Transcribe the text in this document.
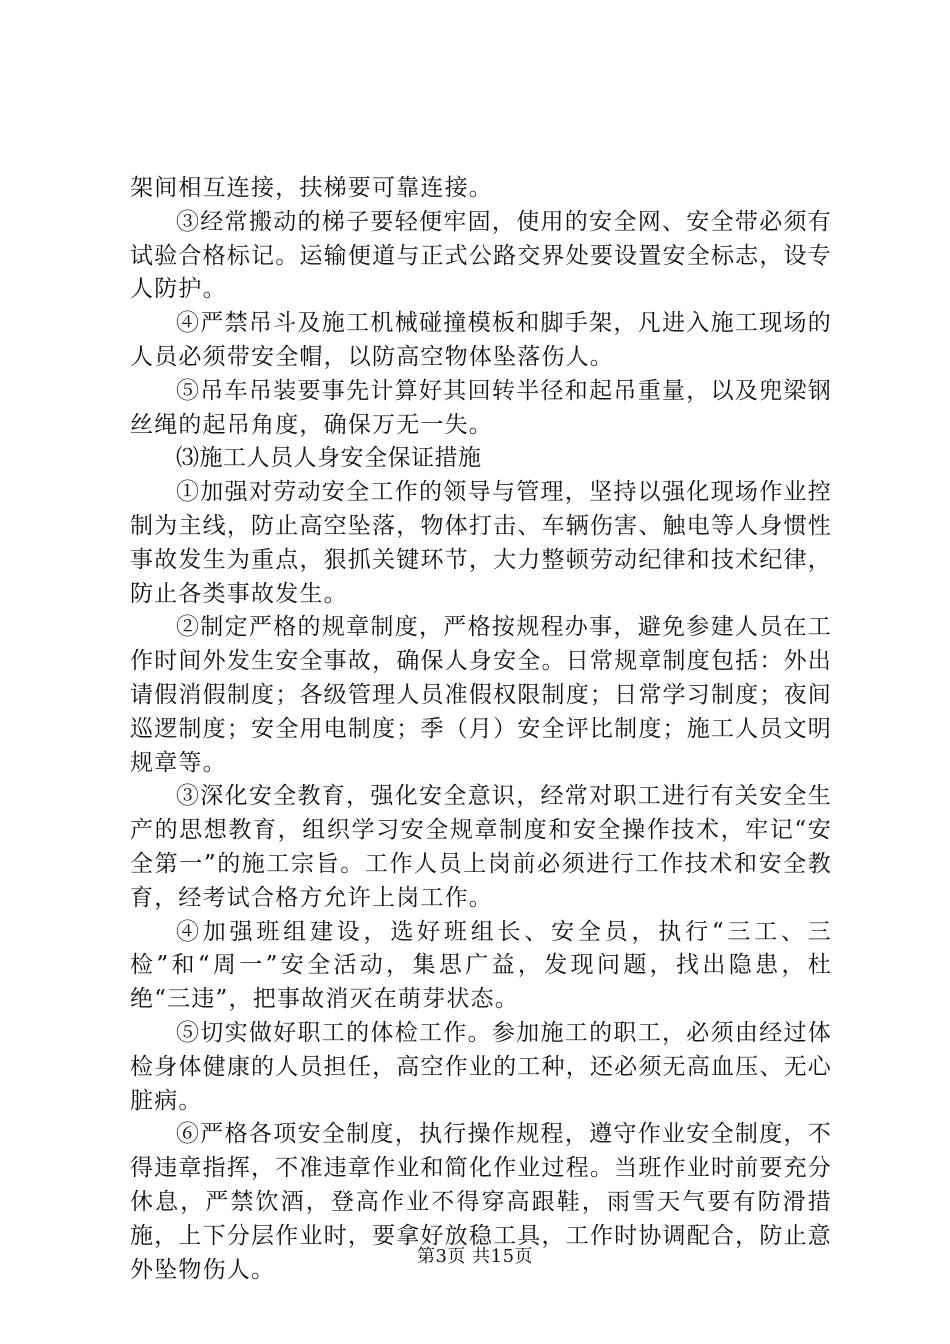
架间相互连接，扶梯要可靠连接。

③经常搬动的梯子要轻便牢固，使用的安全网、安全带必须有试验合格标记。运输便道与正式公路交界处要设置安全标志，设专人防护。

④严禁吊斗及施工机械碰撞模板和脚手架，凡进入施工现场的人员必须带安全帽，以防高空物体坠落伤人。

⑤吊车吊装要事先计算好其回转半径和起吊重量，以及兜梁钢丝绳的起吊角度，确保万无一失。

⑶施工人员人身安全保证措施

①加强对劳动安全工作的领导与管理，坚持以强化现场作业控制为主线，防止高空坠落，物体打击、车辆伤害、触电等人身惯性事故发生为重点，狠抓关键环节，大力整顿劳动纪律和技术纪律，防止各类事故发生。

②制定严格的规章制度，严格按规程办事，避免参建人员在工作时间外发生安全事故，确保人身安全。日常规章制度包括：外出请假消假制度；各级管理人员准假权限制度；日常学习制度；夜间巡逻制度；安全用电制度；季（月）安全评比制度；施工人员文明规章等。

③深化安全教育，强化安全意识，经常对职工进行有关安全生产的思想教育，组织学习安全规章制度和安全操作技术，牢记“安全第一”的施工宗旨。工作人员上岗前必须进行工作技术和安全教育，经考试合格方允许上岗工作。

④加强班组建设，选好班组长、安全员，执行“三工、三检”和“周一”安全活动，集思广益，发现问题，找出隐患，杜绝“三违”，把事故消灭在萌芽状态。

⑤切实做好职工的体检工作。参加施工的职工，必须由经过体检身体健康的人员担任，高空作业的工种，还必须无高血压、无心脏病。

⑥严格各项安全制度，执行操作规程，遵守作业安全制度，不得违章指挥，不准违章作业和简化作业过程。当班作业时前要充分休息，严禁饮酒，登高作业不得穿高跟鞋，雨雪天气要有防滑措施，上下分层作业时，要拿好放稳工具，工作时协调配合，防止意外坠物伤人。	第3页 共15页
